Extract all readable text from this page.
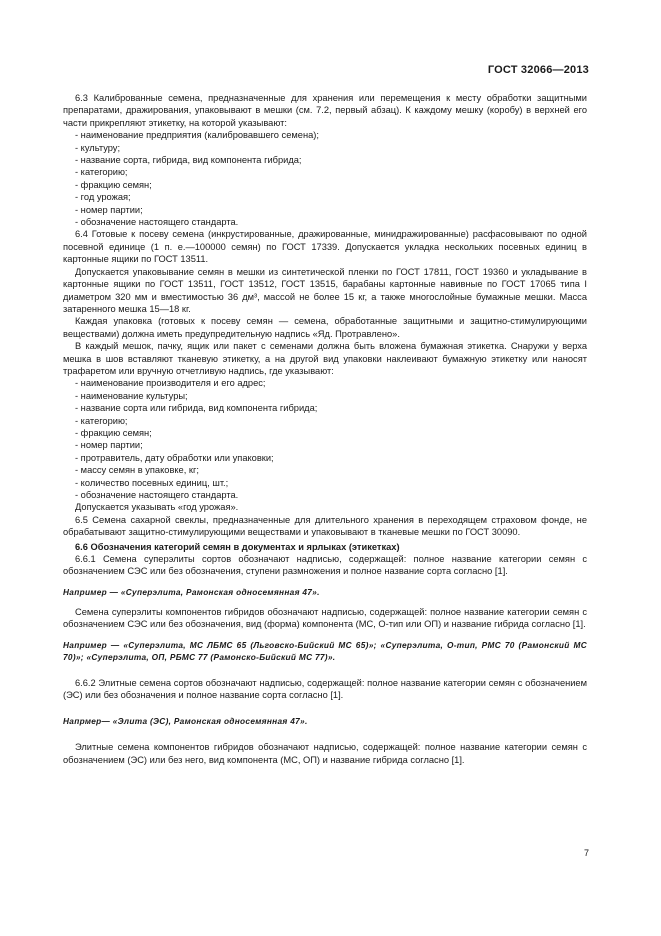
ГОСТ 32066—2013
6.3 Калиброванные семена, предназначенные для хранения или перемещения к месту обработки защитными препаратами, дражирования, упаковывают в мешки (см. 7.2, первый абзац). К каждому мешку (коробу) в верхней его части прикрепляют этикетку, на которой указывают:
- наименование предприятия (калибровавшего семена);
- культуру;
- название сорта, гибрида, вид компонента гибрида;
- категорию;
- фракцию семян;
- год урожая;
- номер партии;
- обозначение настоящего стандарта.
6.4 Готовые к посеву семена (инкрустированные, дражированные, минидражированные) расфасовывают по одной посевной единице (1 п. е.—100000 семян) по ГОСТ 17339. Допускается укладка нескольких посевных единиц в картонные ящики по ГОСТ 13511.
Допускается упаковывание семян в мешки из синтетической пленки по ГОСТ 17811, ГОСТ 19360 и укладывание в картонные ящики по ГОСТ 13511, ГОСТ 13512, ГОСТ 13515, барабаны картонные навивные по ГОСТ 17065 типа I диаметром 320 мм и вместимостью 36 дм³, массой не более 15 кг, а также многослойные бумажные мешки. Масса затаренного мешка 15—18 кг.
Каждая упаковка (готовых к посеву семян — семена, обработанные защитными и защитно-стимулирующими веществами) должна иметь предупредительную надпись «Яд. Протравлено».
В каждый мешок, пачку, ящик или пакет с семенами должна быть вложена бумажная этикетка. Снаружи у верха мешка в шов вставляют тканевую этикетку, а на другой вид упаковки наклеивают бумажную этикетку или наносят трафаретом или вручную отчетливую надпись, где указывают:
- наименование производителя и его адрес;
- наименование культуры;
- название сорта или гибрида, вид компонента гибрида;
- категорию;
- фракцию семян;
- номер партии;
- протравитель, дату обработки или упаковки;
- массу семян в упаковке, кг;
- количество посевных единиц, шт.;
- обозначение настоящего стандарта.
Допускается указывать «год урожая».
6.5 Семена сахарной свеклы, предназначенные для длительного хранения в переходящем страховом фонде, не обрабатывают защитно-стимулирующими веществами и упаковывают в тканевые мешки по ГОСТ 30090.
6.6 Обозначения категорий семян в документах и ярлыках (этикетках)
6.6.1 Семена суперэлиты сортов обозначают надписью, содержащей: полное название категории семян с обозначением СЭС или без обозначения, ступени размножения и полное название сорта согласно [1].
Например — «Суперэлита, Рамонская односемянная 47».
Семена суперэлиты компонентов гибридов обозначают надписью, содержащей: полное название категории семян с обозначением СЭС или без обозначения, вид (форма) компонента (МС, О-тип или ОП) и название гибрида согласно [1].
Например — «Суперэлита, МС ЛБМС 65 (Льговско-Бийский МС 65)»; «Суперэлита, О-тип, РМС 70 (Рамонский МС 70)»; «Суперэлита, ОП, РБМС 77 (Рамонско-Бийский МС 77)».
6.6.2 Элитные семена сортов обозначают надписью, содержащей: полное название категории семян с обозначением (ЭС) или без обозначения и полное название сорта согласно [1].
Напрмер— «Элита (ЭС), Рамонская односемянная 47».
Элитные семена компонентов гибридов обозначают надписью, содержащей: полное название категории семян с обозначением (ЭС) или без него, вид компонента (МС, ОП) и название гибрида согласно [1].
7
